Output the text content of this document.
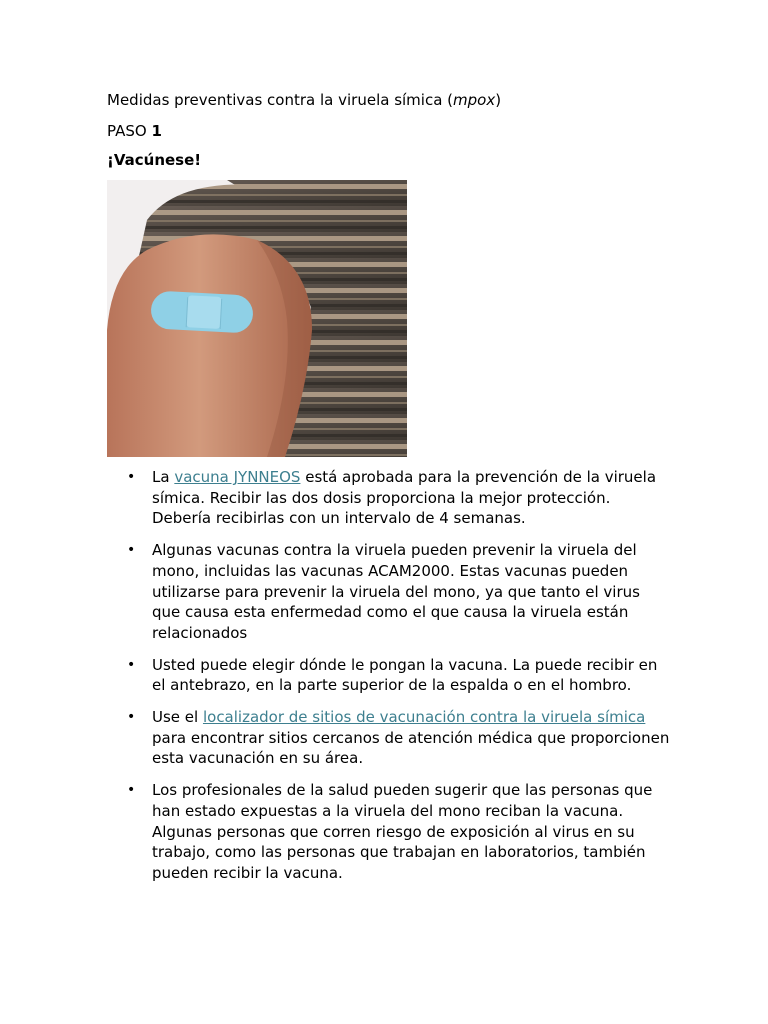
Medidas preventivas contra la viruela símica (mpox)

PASO 1

¡Vacúnese!

• La vacuna JYNNEOS está aprobada para la prevención de la viruela símica. Recibir las dos dosis proporciona la mejor protección. Debería recibirlas con un intervalo de 4 semanas.
• Algunas vacunas contra la viruela pueden prevenir la viruela del mono, incluidas las vacunas ACAM2000. Estas vacunas pueden utilizarse para prevenir la viruela del mono, ya que tanto el virus que causa esta enfermedad como el que causa la viruela están relacionados
• Usted puede elegir dónde le pongan la vacuna. La puede recibir en el antebrazo, en la parte superior de la espalda o en el hombro.
• Use el localizador de sitios de vacunación contra la viruela símica para encontrar sitios cercanos de atención médica que proporcionen esta vacunación en su área.
• Los profesionales de la salud pueden sugerir que las personas que han estado expuestas a la viruela del mono reciban la vacuna. Algunas personas que corren riesgo de exposición al virus en su trabajo, como las personas que trabajan en laboratorios, también pueden recibir la vacuna.
